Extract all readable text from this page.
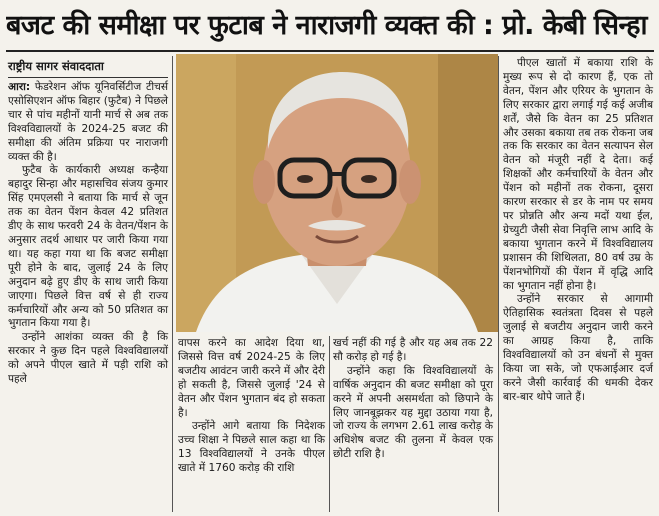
बजट की समीक्षा पर फुटाब ने नाराजगी व्यक्त की : प्रो. केबी सिन्हा
राष्ट्रीय सागर संवाददाता

आरा: फेडरेशन ऑफ यूनिवर्सिटीज टीचर्स एसोसिएशन ऑफ बिहार (फुटैब) ने पिछले चार से पांच महीनों यानी मार्च से अब तक विश्वविद्यालयों के 2024-25 बजट की समीक्षा की अंतिम प्रक्रिया पर नाराजगी व्यक्त की है।

फुटैब के कार्यकारी अध्यक्ष कन्हैया बहादुर सिन्हा और महासचिव संजय कुमार सिंह एमएलसी ने बताया कि मार्च से जून तक का वेतन पेंशन केवल 42 प्रतिशत डीए के साथ फरवरी 24 के वेतन/पेंशन के अनुसार तदर्थ आधार पर जारी किया गया था। यह कहा गया था कि बजट समीक्षा पूरी होने के बाद, जुलाई 24 के लिए अनुदान बढ़े हुए डीए के साथ जारी किया जाएगा। पिछले वित्त वर्ष से ही राज्य कर्मचारियों और अन्य को 50 प्रतिशत का भुगतान किया गया है।

उन्होंने आशंका व्यक्त की है कि सरकार ने कुछ दिन पहले विश्वविद्यालयों को अपने पीएल खाते में पड़ी राशि को पहले

वापस करने का आदेश दिया था, जिससे वित्त वर्ष 2024-25 के लिए बजटीय आवंटन जारी करने में और देरी हो सकती है, जिससे जुलाई '24 से वेतन और पेंशन भुगतान बंद हो सकता है।

उन्होंने आगे बताया कि निदेशक उच्च शिक्षा ने पिछले साल कहा था कि 13 विश्वविद्यालयों ने उनके पीएल खाते में 1760 करोड़ की राशि

खर्च नहीं की गई है और यह अब तक 22 सौ करोड़ हो गई है।

उन्होंने कहा कि विश्वविद्यालयों के वार्षिक अनुदान की बजट समीक्षा को पूरा करने में अपनी असमर्थता को छिपाने के लिए जानबूझकर यह मुद्दा उठाया गया है, जो राज्य के लगभग 2.61 लाख करोड़ के अधिशेष बजट की तुलना में केवल एक छोटी राशि है।

पीएल खातों में बकाया राशि के मुख्य रूप से दो कारण हैं, एक तो वेतन, पेंशन और एरियर के भुगतान के लिए सरकार द्वारा लगाई गई कई अजीब शर्तें, जैसे कि वेतन का 25 प्रतिशत और उसका बकाया तब तक रोकना जब तक कि सरकार का वेतन सत्यापन सेल वेतन को मंजूरी नहीं दे देता। कई शिक्षकों और कर्मचारियों के वेतन और पेंशन को महीनों तक रोकना, दूसरा कारण सरकार से डर के नाम पर समय पर प्रोन्नति और अन्य मदों यथा ईल, ग्रेच्युटी जैसी सेवा निवृत्ति लाभ आदि के बकाया भुगतान करने में विश्वविद्यालय प्रशासन की शिथिलता, 80 वर्ष उम्र के पेंशनभोगियों की पेंशन में वृद्धि आदि का भुगतान नहीं होना है।

उन्होंने सरकार से आगामी ऐतिहासिक स्वतंत्रता दिवस से पहले जुलाई से बजटीय अनुदान जारी करने का आग्रह किया है, ताकि विश्वविद्यालयों को उन बंधनों से मुक्त किया जा सके, जो एफआईआर दर्ज करने जैसी कार्रवाई की धमकी देकर बार-बार थोपे जाते हैं।
